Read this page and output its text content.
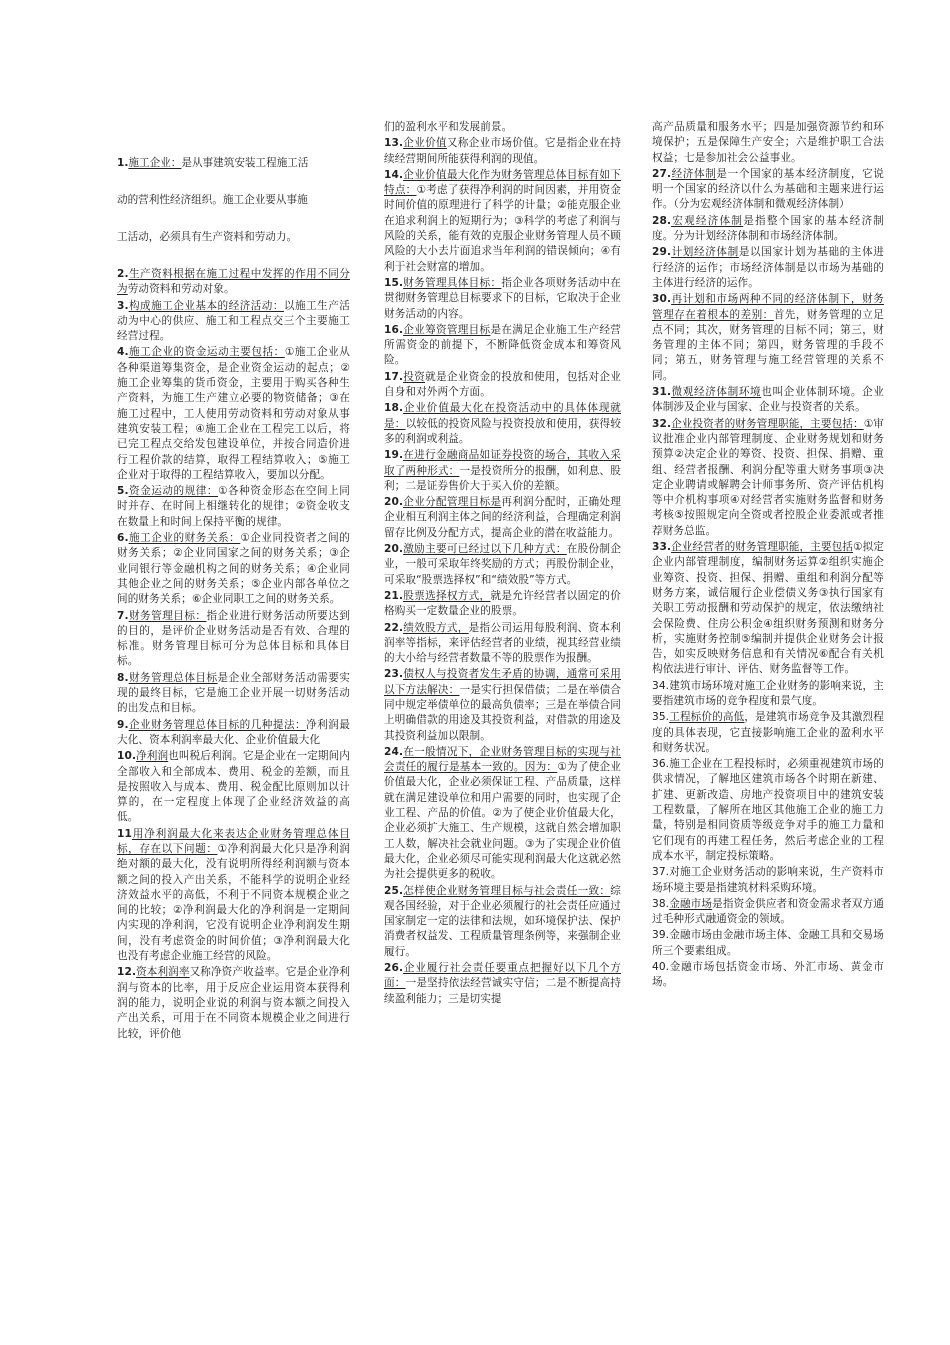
1.施工企业：是从事建筑安装工程施工活

动的营利性经济组织。施工企业要从事施

工活动，必须具有生产资料和劳动力。

2.生产资料根据在施工过程中发挥的作用不同分为劳动资料和劳动对象。

3.构成施工企业基本的经济活动：以施工生产活动为中心的供应、施工和工程点交三个主要施工经营过程。

4.施工企业的资金运动主要包括：①施工企业从各种渠道筹集资金，是企业资金运动的起点；②施工企业筹集的货币资金，主要用于购买各种生产资料，为施工生产建立必要的物资储备；③在施工过程中，工人使用劳动资料和劳动对象从事建筑安装工程；④施工企业在工程完工以后，将已完工程点交给发包建设单位，并按合同造价进行工程价款的结算，取得工程结算收入；⑤施工企业对于取得的工程结算收入，要加以分配。

5.资金运动的规律：①各种资金形态在空间上同时并存、在时间上相继转化的规律；②资金收支在数量上和时间上保持平衡的规律。

6.施工企业的财务关系：①企业同投资者之间的财务关系；②企业同国家之间的财务关系；③企业同银行等金融机构之间的财务关系；④企业同其他企业之间的财务关系；⑤企业内部各单位之间的财务关系；⑥企业同职工之间的财务关系。

7.财务管理目标：指企业进行财务活动所要达到的目的，是评价企业财务活动是否有效、合理的标准。财务管理目标可分为总体目标和具体目标。

8.财务管理总体目标是企业全部财务活动需要实现的最终目标，它是施工企业开展一切财务活动的出发点和目标。

9.企业财务管理总体目标的几种提法：净利润最大化、资本利润率最大化、企业价值最大化

10.净利润也叫税后利润。它是企业在一定期间内全部收入和全部成本、费用、税金的差额，而且是按照收入与成本、费用、税金配比原则加以计算的，在一定程度上体现了企业经济效益的高低。

11用净利润最大化来表达企业财务管理总体目标，存在以下问题：①净利润最大化只是净利润绝对额的最大化，没有说明所得经利润额与资本额之间的投入产出关系，不能科学的说明企业经济效益水平的高低，不利于不同资本规模企业之间的比较；②净利润最大化的净利润是一定期间内实现的净利润，它没有说明企业净利润发生期间，没有考虑资金的时间价值；③净利润最大化也没有考虑企业施工经营的风险。

12.资本利润率又称净资产收益率。它是企业净利润与资本的比率，用于反应企业运用资本获得利润的能力，说明企业说的利润与资本额之间投入产出关系，可用于在不同资本规模企业之间进行比较，评价他

们的盈利水平和发展前景。

13.企业价值又称企业市场价值。它是指企业在持续经营期间所能获得利润的现值。

14.企业价值最大化作为财务管理总体目标有如下特点：①考虑了获得净利润的时间因素，并用资金时间价值的原理进行了科学的计量；②能克服企业在追求利润上的短期行为；③科学的考虑了利润与风险的关系，能有效的克服企业财务管理人员不顾风险的大小去片面追求当年利润的错误倾向；④有利于社会财富的增加。

15.财务管理具体目标：指企业各项财务活动中在贯彻财务管理总目标要求下的目标，它取决于企业财务活动的内容。

16.企业筹资管理目标是在满足企业施工生产经营所需资金的前提下，不断降低资金成本和筹资风险。

17.投资就是企业资金的投放和使用，包括对企业自身和对外两个方面。

18.企业价值最大化在投资活动中的具体体现就是：以较低的投资风险与投资投放和使用，获得较多的利润或利益。

19.在进行金融商品如证券投资的场合，其收入采取了两种形式：一是投资所分的报酬，如利息、股利；二是证券售价大于买入价的差额。

20.企业分配管理目标是再利润分配时，正确处理企业相互利润主体之间的经济利益，合理确定利润留存比例及分配方式，提高企业的潜在收益能力。

20.激励主要可已经过以下几种方式：在股份制企业，一般可采取年终奖励的方式；再股份制企业，可采取“股票选择权”和“绩效股”等方式。

21.股票选择权方式，就是允许经营者以固定的价格购买一定数量企业的股票。

22.绩效股方式，是指公司运用每股利润、资本利润率等指标，来评估经营者的业绩，视其经营业绩的大小给与经营者数量不等的股票作为报酬。

23.债权人与投资者发生矛盾的协调，通常可采用以下方法解决：一是实行担保借债；二是在举债合同中规定举债单位的最高负债率；三是在举债合同上明确借款的用途及其投资利益，对借款的用途及其投资利益加以限制。

24.在一般情况下，企业财务管理目标的实现与社会责任的履行是基本一致的。因为：①为了使企业价值最大化，企业必须保证工程、产品质量，这样就在满足建设单位和用户需要的同时，也实现了企业工程、产品的价值。②为了使企业价值最大化，企业必须扩大施工、生产规模，这就自然会增加职工人数，解决社会就业问题。③为了实现企业价值最大化，企业必须尽可能实现利润最大化这就必然为社会提供更多的税收。

25.怎样使企业财务管理目标与社会责任一致：综观各国经验，对于企业必须履行的社会责任应通过国家制定一定的法律和法规，如环境保护法、保护消费者权益发、工程质量管理条例等，来强制企业履行。

26.企业履行社会责任要重点把握好以下几个方面：一是坚持依法经营诚实守信；二是不断提高持续盈利能力；三是切实提

高产品质量和服务水平；四是加强资源节约和环境保护；五是保障生产安全；六是维护职工合法权益；七是参加社会公益事业。

27.经济体制是一个国家的基本经济制度，它说明一个国家的经济以什么为基础和主题来进行运作。（分为宏观经济体制和微观经济体制）

28.宏观经济体制是指整个国家的基本经济制度。分为计划经济体制和市场经济体制。

29.计划经济体制是以国家计划为基础的主体进行经济的运作；市场经济体制是以市场为基础的主体进行经济的运作。

30.再计划和市场两种不同的经济体制下，财务管理存在着根本的差别：首先，财务管理的立足点不同；其次，财务管理的目标不同；第三，财务管理的主体不同；第四，财务管理的手段不同；第五，财务管理与施工经营管理的关系不同。

31.微观经济体制环境也叫企业体制环境。企业体制涉及企业与国家、企业与投资者的关系。

32.企业投资者的财务管理职能，主要包括：①审议批准企业内部管理制度、企业财务规划和财务预算②决定企业的筹资、投资、担保、捐赠、重组、经营者报酬、利润分配等重大财务事项③决定企业聘请或解聘会计师事务所、资产评估机构等中介机构事项④对经营者实施财务监督和财务考核⑤按照规定向全资或者控股企业委派或者推荐财务总监。

33.企业经营者的财务管理职能，主要包括①拟定企业内部管理制度，编制财务运算②组织实施企业筹资、投资、担保、捐赠、重组和利润分配等财务方案，诚信履行企业偿债义务③执行国家有关职工劳动报酬和劳动保护的规定，依法缴纳社会保险费、住房公积金④组织财务预测和财务分析，实施财务控制⑤编制并提供企业财务会计报告，如实反映财务信息和有关情况⑥配合有关机构依法进行审计、评估、财务监督等工作。

34.建筑市场环境对施工企业财务的影响来说，主要指建筑市场的竞争程度和景气度。

35.工程标价的高低，是建筑市场竞争及其激烈程度的具体表现，它直接影响施工企业的盈利水平和财务状况。

36.施工企业在工程投标时，必须重视建筑市场的供求情况，了解地区建筑市场各个时期在新建、扩建、更新改造、房地产投资项目中的建筑安装工程数量，了解所在地区其他施工企业的施工力量，特别是相同资质等级竞争对手的施工力量和它们现有的再建工程任务，然后考虑企业的工程成本水平，制定投标策略。

37.对施工企业财务活动的影响来说，生产资料市场环境主要是指建筑材料采购环境。

38.金融市场是指资金供应者和资金需求者双方通过毛种形式融通资金的领域。

39.金融市场由金融市场主体、金融工具和交易场所三个要素组成。

40.金融市场包括资金市场、外汇市场、黄金市场。
